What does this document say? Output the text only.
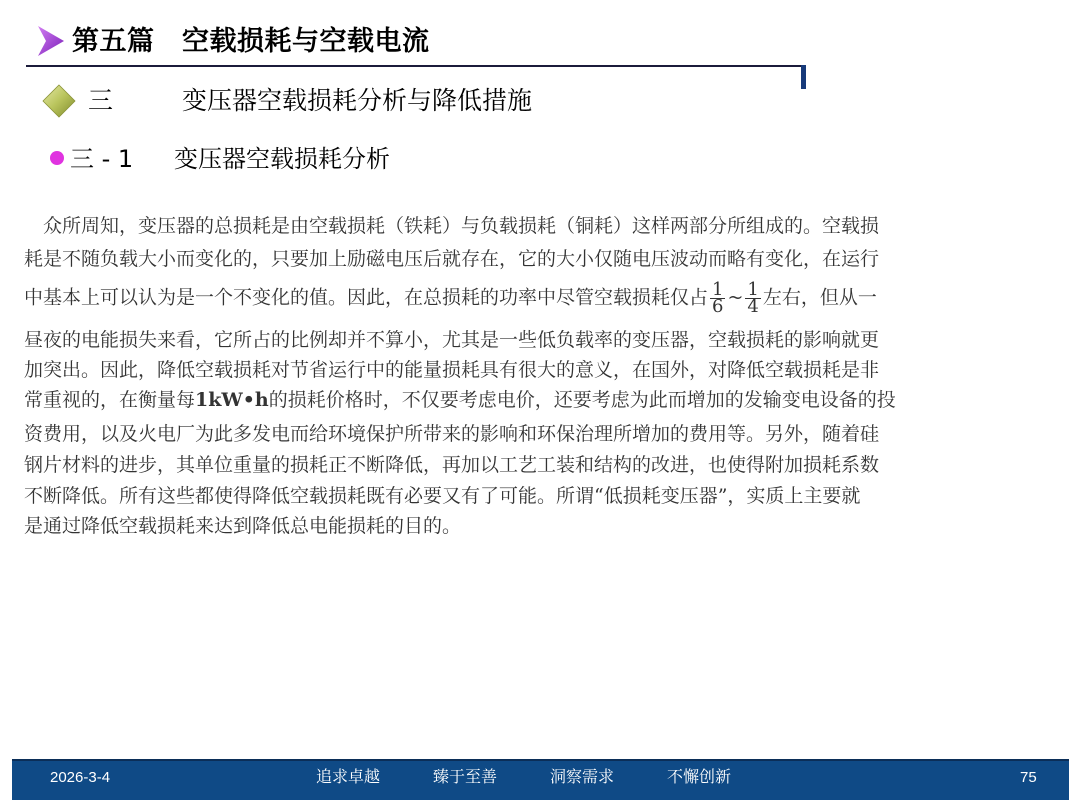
第五篇　空载损耗与空载电流
三	变压器空载损耗分析与降低措施
三 - 1 变压器空载损耗分析
　众所周知，变压器的总损耗是由空载损耗（铁耗）与负载损耗（铜耗）这样两部分所组成的。空载损
耗是不随负载大小而变化的，只要加上励磁电压后就存在，它的大小仅随电压波动而略有变化，在运行
中基本上可以认为是一个不变化的值。因此，在总损耗的功率中尽管空载损耗仅占 $\frac{1}{6}$ ~ $\frac{1}{4}$ 左右，但从一
昼夜的电能损失来看，它所占的比例却并不算小，尤其是一些低负载率的变压器，空载损耗的影响就更
加突出。因此，降低空载损耗对节省运行中的能量损耗具有很大的意义，在国外，对降低空载损耗是非
常重视的，在衡量每1kW•h的损耗价格时，不仅要考虑电价，还要考虑为此而增加的发输变电设备的投
资费用，以及火电厂为此多发电而给环境保护所带来的影响和环保治理所增加的费用等。另外，随着硅
钢片材料的进步，其单位重量的损耗正不断降低，再加以工艺工装和结构的改进，也使得附加损耗系数
不断降低。所有这些都使得降低空载损耗既有必要又有了可能。所谓“低损耗变压器”，实质上主要就
是通过降低空载损耗来达到降低总电能损耗的目的。
2026-3-4	追求卓越	臻于至善	洞察需求	不懈创新	75
